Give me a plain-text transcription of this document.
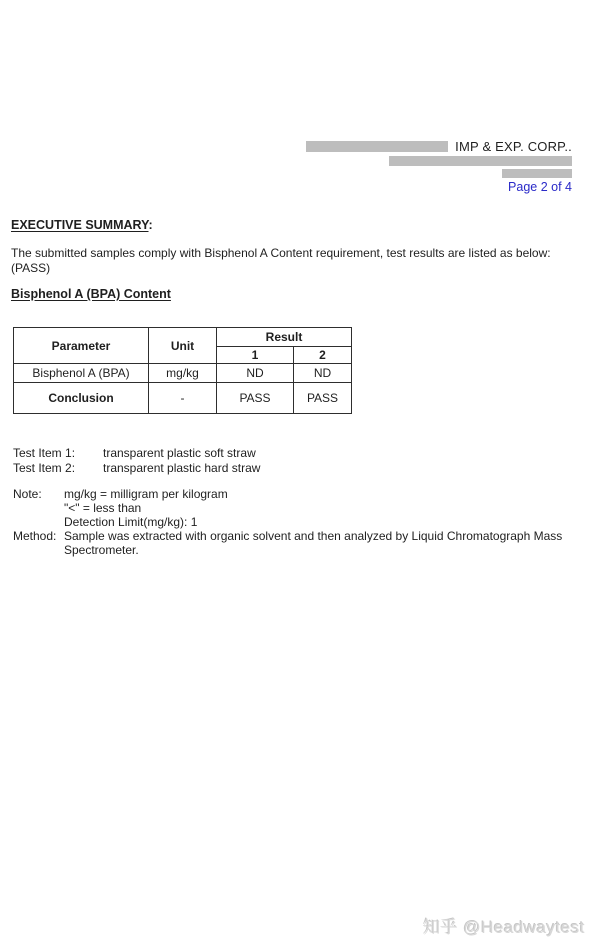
IMP & EXP. CORP..
Page 2 of 4
EXECUTIVE SUMMARY:
The submitted samples comply with Bisphenol A Content requirement, test results are listed as below:
(PASS)
Bisphenol A (BPA) Content
Parameter	Unit	Result	
		1	2
Bisphenol A (BPA)	mg/kg	ND	ND
Conclusion	-	PASS	PASS
Test Item 1:	transparent plastic soft straw
Test Item 2:	transparent plastic hard straw
Note:	mg/kg = milligram per kilogram
"<" = less than
Detection Limit(mg/kg): 1
Method: Sample was extracted with organic solvent and then analyzed by Liquid Chromatograph Mass
Spectrometer.
知乎 @Headwaytest
